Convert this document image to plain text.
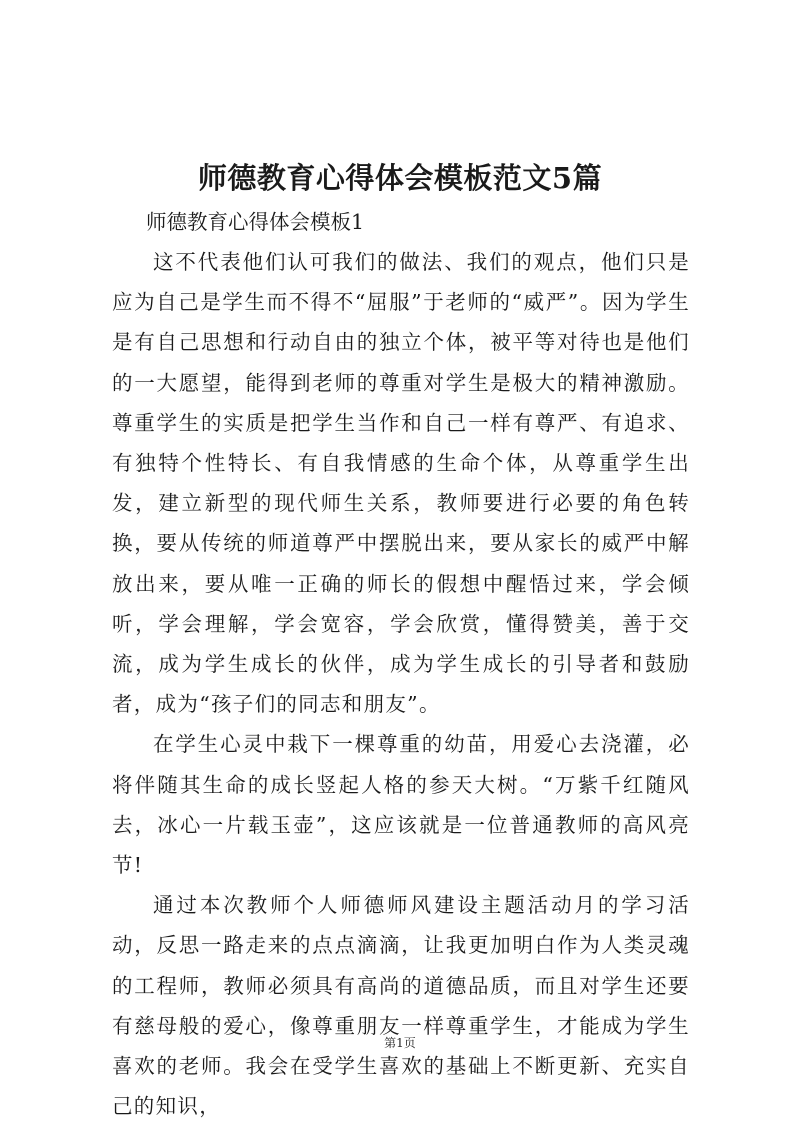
师德教育心得体会模板范文5篇

师德教育心得体会模板1

这不代表他们认可我们的做法、我们的观点，他们只是应为自己是学生而不得不“屈服”于老师的“威严”。因为学生是有自己思想和行动自由的独立个体，被平等对待也是他们的一大愿望，能得到老师的尊重对学生是极大的精神激励。尊重学生的实质是把学生当作和自己一样有尊严、有追求、有独特个性特长、有自我情感的生命个体，从尊重学生出发，建立新型的现代师生关系，教师要进行必要的角色转换，要从传统的师道尊严中摆脱出来，要从家长的威严中解放出来，要从唯一正确的师长的假想中醒悟过来，学会倾听，学会理解，学会宽容，学会欣赏，懂得赞美，善于交流，成为学生成长的伙伴，成为学生成长的引导者和鼓励者，成为“孩子们的同志和朋友”。

在学生心灵中栽下一棵尊重的幼苗，用爱心去浇灌，必将伴随其生命的成长竖起人格的参天大树。“万紫千红随风去，冰心一片载玉壶”，这应该就是一位普通教师的高风亮节!

通过本次教师个人师德师风建设主题活动月的学习活动，反思一路走来的点点滴滴，让我更加明白作为人类灵魂的工程师，教师必须具有高尚的道德品质，而且对学生还要有慈母般的爱心，像尊重朋友一样尊重学生，才能成为学生喜欢的老师。我会在受学生喜欢的基础上不断更新、充实自己的知识，

第1页
